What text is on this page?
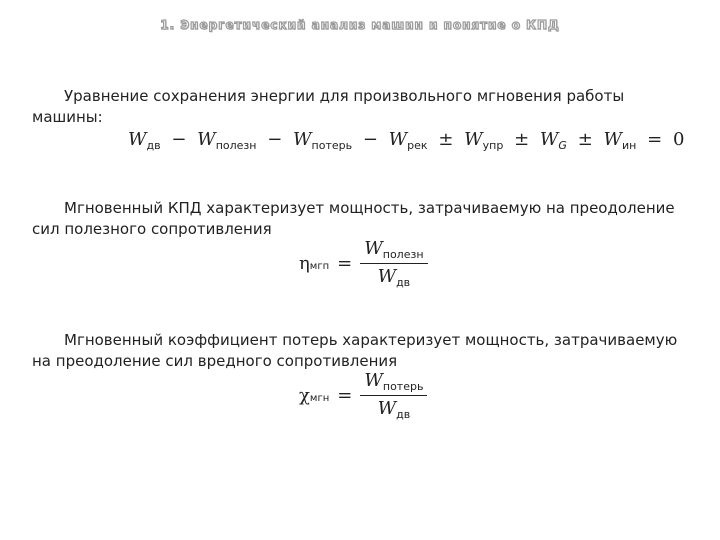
1. Энергетический анализ машин и понятие о КПД

Уравнение сохранения энергии для произвольного мгновения работы машины:

$W_{дв} - W_{полезн} - W_{потерь} - W_{рек} \pm W_{упр} \pm W_G \pm W_{ин} = 0$

Мгновенный КПД характеризует мощность, затрачиваемую на преодоление сил полезного сопротивления

η мгп = $\frac{W_{полезн}}{W_{дв}}$

Мгновенный коэффициент потерь характеризует мощность, затрачиваемую на преодоление сил вредного сопротивления

χ мгн = $\frac{W_{потерь}}{W_{дв}}$
